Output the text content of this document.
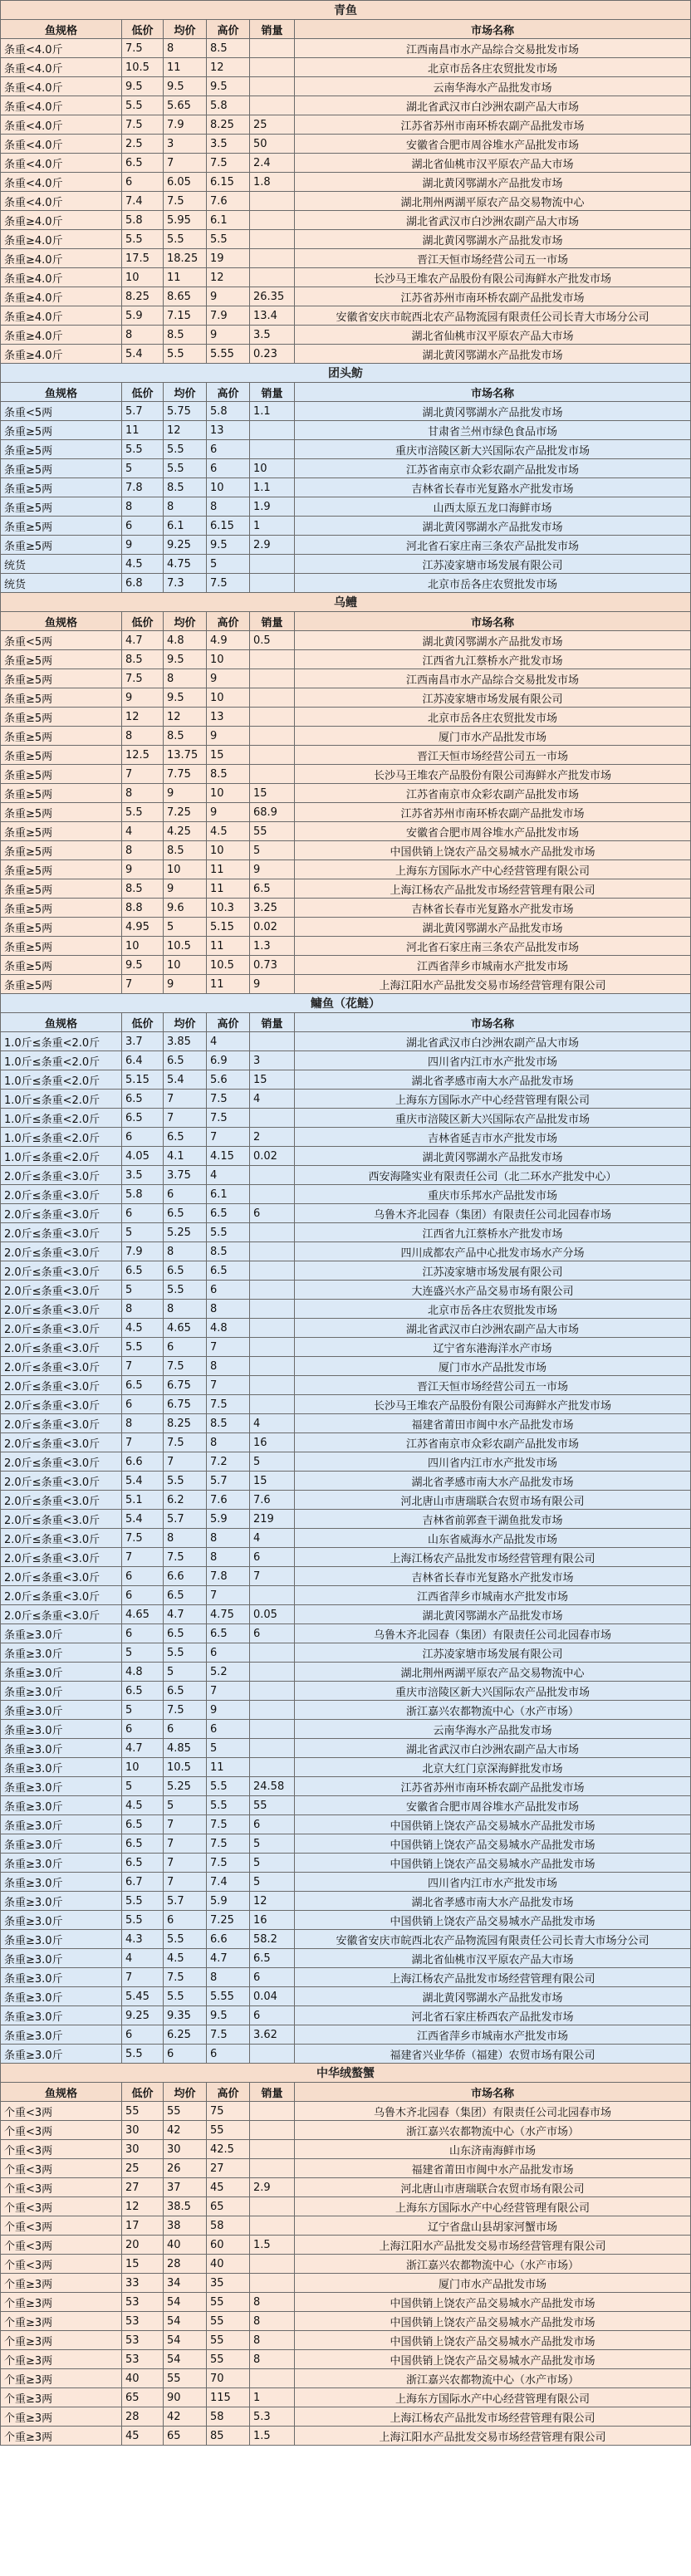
青鱼					
鱼规格	低价	均价	高价	销量	市场名称
条重<4.0斤	7.5	8	8.5		江西南昌市水产品综合交易批发市场
条重<4.0斤	10.5	11	12		北京市岳各庄农贸批发市场
条重<4.0斤	9.5	9.5	9.5		云南华海水产品批发市场
条重<4.0斤	5.5	5.65	5.8		湖北省武汉市白沙洲农副产品大市场
条重<4.0斤	7.5	7.9	8.25	25	江苏省苏州市南环桥农副产品批发市场
条重<4.0斤	2.5	3	3.5	50	安徽省合肥市周谷堆水产品批发市场
条重<4.0斤	6.5	7	7.5	2.4	湖北省仙桃市汉平原农产品大市场
条重<4.0斤	6	6.05	6.15	1.8	湖北黄冈鄂湖水产品批发市场
条重<4.0斤	7.4	7.5	7.6		湖北荆州两湖平原农产品交易物流中心
条重≥4.0斤	5.8	5.95	6.1		湖北省武汉市白沙洲农副产品大市场
条重≥4.0斤	5.5	5.5	5.5		湖北黄冈鄂湖水产品批发市场
条重≥4.0斤	17.5	18.25	19		晋江天恒市场经营公司五一市场
条重≥4.0斤	10	11	12		长沙马王堆农产品股份有限公司海鲜水产批发市场
条重≥4.0斤	8.25	8.65	9	26.35	江苏省苏州市南环桥农副产品批发市场
条重≥4.0斤	5.9	7.15	7.9	13.4	安徽省安庆市皖西北农产品物流园有限责任公司长青大市场分公司
条重≥4.0斤	8	8.5	9	3.5	湖北省仙桃市汉平原农产品大市场
条重≥4.0斤	5.4	5.5	5.55	0.23	湖北黄冈鄂湖水产品批发市场
团头鲂					
鱼规格	低价	均价	高价	销量	市场名称
条重<5两	5.7	5.75	5.8	1.1	湖北黄冈鄂湖水产品批发市场
条重≥5两	11	12	13		甘肃省兰州市绿色食品市场
条重≥5两	5.5	5.5	6		重庆市涪陵区新大兴国际农产品批发市场
条重≥5两	5	5.5	6	10	江苏省南京市众彩农副产品批发市场
条重≥5两	7.8	8.5	10	1.1	吉林省长春市光复路水产批发市场
条重≥5两	8	8	8	1.9	山西太原五龙口海鲜市场
条重≥5两	6	6.1	6.15	1	湖北黄冈鄂湖水产品批发市场
条重≥5两	9	9.25	9.5	2.9	河北省石家庄南三条农产品批发市场
统货	4.5	4.75	5		江苏凌家塘市场发展有限公司
统货	6.8	7.3	7.5		北京市岳各庄农贸批发市场
乌鳢					
鱼规格	低价	均价	高价	销量	市场名称
条重<5两	4.7	4.8	4.9	0.5	湖北黄冈鄂湖水产品批发市场
条重≥5两	8.5	9.5	10		江西省九江蔡桥水产批发市场
条重≥5两	7.5	8	9		江西南昌市水产品综合交易批发市场
条重≥5两	9	9.5	10		江苏凌家塘市场发展有限公司
条重≥5两	12	12	13		北京市岳各庄农贸批发市场
条重≥5两	8	8.5	9		厦门市水产品批发市场
条重≥5两	12.5	13.75	15		晋江天恒市场经营公司五一市场
条重≥5两	7	7.75	8.5		长沙马王堆农产品股份有限公司海鲜水产批发市场
条重≥5两	8	9	10	15	江苏省南京市众彩农副产品批发市场
条重≥5两	5.5	7.25	9	68.9	江苏省苏州市南环桥农副产品批发市场
条重≥5两	4	4.25	4.5	55	安徽省合肥市周谷堆水产品批发市场
条重≥5两	8	8.5	10	5	中国供销上饶农产品交易城水产品批发市场
条重≥5两	9	10	11	9	上海东方国际水产中心经营管理有限公司
条重≥5两	8.5	9	11	6.5	上海江杨农产品批发市场经营管理有限公司
条重≥5两	8.8	9.6	10.3	3.25	吉林省长春市光复路水产批发市场
条重≥5两	4.95	5	5.15	0.02	湖北黄冈鄂湖水产品批发市场
条重≥5两	10	10.5	11	1.3	河北省石家庄南三条农产品批发市场
条重≥5两	9.5	10	10.5	0.73	江西省萍乡市城南水产批发市场
条重≥5两	7	9	11	9	上海江阳水产品批发交易市场经营管理有限公司
鳙鱼（花鲢）					
鱼规格	低价	均价	高价	销量	市场名称
1.0斤≤条重<2.0斤	3.7	3.85	4		湖北省武汉市白沙洲农副产品大市场
1.0斤≤条重<2.0斤	6.4	6.5	6.9	3	四川省内江市水产批发市场
1.0斤≤条重<2.0斤	5.15	5.4	5.6	15	湖北省孝感市南大水产品批发市场
1.0斤≤条重<2.0斤	6.5	7	7.5	4	上海东方国际水产中心经营管理有限公司
1.0斤≤条重<2.0斤	6.5	7	7.5		重庆市涪陵区新大兴国际农产品批发市场
1.0斤≤条重<2.0斤	6	6.5	7	2	吉林省延吉市水产批发市场
1.0斤≤条重<2.0斤	4.05	4.1	4.15	0.02	湖北黄冈鄂湖水产品批发市场
2.0斤≤条重<3.0斤	3.5	3.75	4		西安海隆实业有限责任公司（北二环水产批发中心）
2.0斤≤条重<3.0斤	5.8	6	6.1		重庆市乐邦水产品批发市场
2.0斤≤条重<3.0斤	6	6.5	6.5	6	乌鲁木齐北园春（集团）有限责任公司北园春市场
2.0斤≤条重<3.0斤	5	5.25	5.5		江西省九江蔡桥水产批发市场
2.0斤≤条重<3.0斤	7.9	8	8.5		四川成都农产品中心批发市场水产分场
2.0斤≤条重<3.0斤	6.5	6.5	6.5		江苏凌家塘市场发展有限公司
2.0斤≤条重<3.0斤	5	5.5	6		大连盛兴水产品交易市场有限公司
2.0斤≤条重<3.0斤	8	8	8		北京市岳各庄农贸批发市场
2.0斤≤条重<3.0斤	4.5	4.65	4.8		湖北省武汉市白沙洲农副产品大市场
2.0斤≤条重<3.0斤	5.5	6	7		辽宁省东港海洋水产市场
2.0斤≤条重<3.0斤	7	7.5	8		厦门市水产品批发市场
2.0斤≤条重<3.0斤	6.5	6.75	7		晋江天恒市场经营公司五一市场
2.0斤≤条重<3.0斤	6	6.75	7.5		长沙马王堆农产品股份有限公司海鲜水产批发市场
2.0斤≤条重<3.0斤	8	8.25	8.5	4	福建省莆田市闽中水产品批发市场
2.0斤≤条重<3.0斤	7	7.5	8	16	江苏省南京市众彩农副产品批发市场
2.0斤≤条重<3.0斤	6.6	7	7.2	5	四川省内江市水产批发市场
2.0斤≤条重<3.0斤	5.4	5.5	5.7	15	湖北省孝感市南大水产品批发市场
2.0斤≤条重<3.0斤	5.1	6.2	7.6	7.6	河北唐山市唐瑞联合农贸市场有限公司
2.0斤≤条重<3.0斤	5.4	5.7	5.9	219	吉林省前郭查干湖鱼批发市场
2.0斤≤条重<3.0斤	7.5	8	8	4	山东省威海水产品批发市场
2.0斤≤条重<3.0斤	7	7.5	8	6	上海江杨农产品批发市场经营管理有限公司
2.0斤≤条重<3.0斤	6	6.6	7.8	7	吉林省长春市光复路水产批发市场
2.0斤≤条重<3.0斤	6	6.5	7		江西省萍乡市城南水产批发市场
2.0斤≤条重<3.0斤	4.65	4.7	4.75	0.05	湖北黄冈鄂湖水产品批发市场
条重≥3.0斤	6	6.5	6.5	6	乌鲁木齐北园春（集团）有限责任公司北园春市场
条重≥3.0斤	5	5.5	6		江苏凌家塘市场发展有限公司
条重≥3.0斤	4.8	5	5.2		湖北荆州两湖平原农产品交易物流中心
条重≥3.0斤	6.5	6.5	7		重庆市涪陵区新大兴国际农产品批发市场
条重≥3.0斤	5	7.5	9		浙江嘉兴农都物流中心（水产市场）
条重≥3.0斤	6	6	6		云南华海水产品批发市场
条重≥3.0斤	4.7	4.85	5		湖北省武汉市白沙洲农副产品大市场
条重≥3.0斤	10	10.5	11		北京大红门京深海鲜批发市场
条重≥3.0斤	5	5.25	5.5	24.58	江苏省苏州市南环桥农副产品批发市场
条重≥3.0斤	4.5	5	5.5	55	安徽省合肥市周谷堆水产品批发市场
条重≥3.0斤	6.5	7	7.5	6	中国供销上饶农产品交易城水产品批发市场
条重≥3.0斤	6.5	7	7.5	5	中国供销上饶农产品交易城水产品批发市场
条重≥3.0斤	6.5	7	7.5	5	中国供销上饶农产品交易城水产品批发市场
条重≥3.0斤	6.7	7	7.4	5	四川省内江市水产批发市场
条重≥3.0斤	5.5	5.7	5.9	12	湖北省孝感市南大水产品批发市场
条重≥3.0斤	5.5	6	7.25	16	中国供销上饶农产品交易城水产品批发市场
条重≥3.0斤	4.3	5.5	6.6	58.2	安徽省安庆市皖西北农产品物流园有限责任公司长青大市场分公司
条重≥3.0斤	4	4.5	4.7	6.5	湖北省仙桃市汉平原农产品大市场
条重≥3.0斤	7	7.5	8	6	上海江杨农产品批发市场经营管理有限公司
条重≥3.0斤	5.45	5.5	5.55	0.04	湖北黄冈鄂湖水产品批发市场
条重≥3.0斤	9.25	9.35	9.5	6	河北省石家庄桥西农产品批发市场
条重≥3.0斤	6	6.25	7.5	3.62	江西省萍乡市城南水产批发市场
条重≥3.0斤	5.5	6	6		福建省兴业华侨（福建）农贸市场有限公司
中华绒螯蟹					
鱼规格	低价	均价	高价	销量	市场名称
个重<3两	55	55	75		乌鲁木齐北园春（集团）有限责任公司北园春市场
个重<3两	30	42	55		浙江嘉兴农都物流中心（水产市场）
个重<3两	30	30	42.5		山东济南海鲜市场
个重<3两	25	26	27		福建省莆田市闽中水产品批发市场
个重<3两	27	37	45	2.9	河北唐山市唐瑞联合农贸市场有限公司
个重<3两	12	38.5	65		上海东方国际水产中心经营管理有限公司
个重<3两	17	38	58		辽宁省盘山县胡家河蟹市场
个重<3两	20	40	60	1.5	上海江阳水产品批发交易市场经营管理有限公司
个重<3两	15	28	40		浙江嘉兴农都物流中心（水产市场）
个重≥3两	33	34	35		厦门市水产品批发市场
个重≥3两	53	54	55	8	中国供销上饶农产品交易城水产品批发市场
个重≥3两	53	54	55	8	中国供销上饶农产品交易城水产品批发市场
个重≥3两	53	54	55	8	中国供销上饶农产品交易城水产品批发市场
个重≥3两	53	54	55	8	中国供销上饶农产品交易城水产品批发市场
个重≥3两	40	55	70		浙江嘉兴农都物流中心（水产市场）
个重≥3两	65	90	115	1	上海东方国际水产中心经营管理有限公司
个重≥3两	28	42	58	5.3	上海江杨农产品批发市场经营管理有限公司
个重≥3两	45	65	85	1.5	上海江阳水产品批发交易市场经营管理有限公司
